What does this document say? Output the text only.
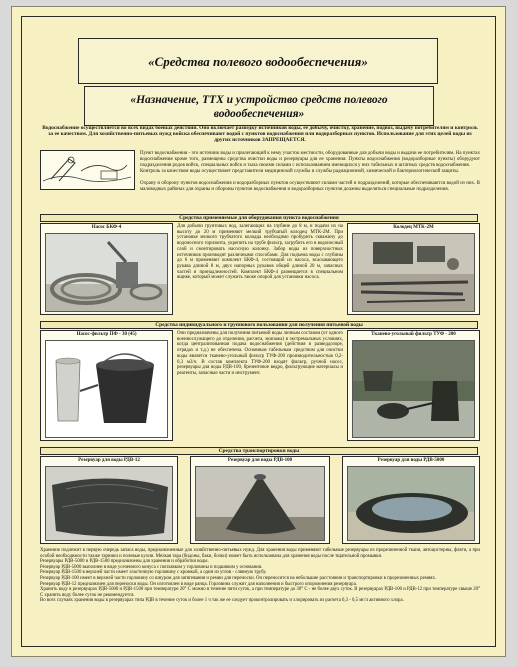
«Средства полевого водообеспечения»
«Назначение, ТТХ и устройство средств полевого водообеспечения»
Водоснабжение осуществляется во всех видах боевых действий. Оно включает разведку источников воды, ее добычу, очистку, хранение, подвоз, выдачу потребителям и контроль за ее качеством. Для хозяйственно-питьевых нужд войска обеспечивают водой с пунктов водоснабжения или водоразборных пунктов. Использование для этих целей воды из других источников ЗАПРЕЩАЕТСЯ.
Пункт водоснабжения - это источник воды и прилегающий к нему участок местности, оборудованные для добычи воды и выдачи ее потребителям. На пунктах водоснабжения кроме того, размещены средства очистки воды и резервуары для ее хранения. Пункты водоснабжения (водоразборные пункты) оборудуют подразделения родов войск, специальных войск и тыла своими силами с использованием имеющихся у них табельных и штатных средств водоснабжения.
Контроль за качеством воды осуществляет представители медицинской службы и службы радиационной, химической и бактериологической защиты.
Охрану и оборону пунктов водоснабжения и водоразборных пунктов осуществляют силами частей и подразделений, которые обеспечиваются водой из них. В маловодных районах для охраны и обороны пунктов водоснабжения и водоразборных пунктов должны выделяться специальные подразделения.
Средства применяемые для оборудования пункта водоснабжения
Насос БКФ-4	Для добычи грунтовых вод, залегающих на глубине до 8 м, и подачи их на высоту до 20 м применяют мелкий трубчатый колодец МТК-2М. При установке мелкого трубчатого колодца необходимо пробурить скважину до водоносного горизонта, укрепить на трубе фильтр, загрубить его в водоносный слой и смонтировать насосную колонку. Забор воды из поверхностных источников производят различными способами. Для подъема воды с глубины до 6 м применяют комплект БКФ-4, состоящий из насоса, всасывающего рукава длиной 8 м, двух напорных рукавов общей длиной 20 м, запасных частей и принадлежностей. Комплект БКФ-4 размещается в специальном ящике, который может служить также опорой для установки насоса.
Колодец МТК-2М
Средства индивидуального и группового пользования для получения питьевой воды
Насос-фильтр ПФ - 30 (45)	Они предназначены для получения питьевой воды личным составом (от одного военнослужащего до отделения, расчета, экипажа) в экстремальных условиях, когда централизованная подача водоснабжения (действия в разведдозоре, отрядах и т.д.) не обеспечена. Основным табельным средством для очистки воды является тканево-угольный фильтр ТУФ-200 производительностью 0,2-0,3 м3/ч. В состав комплекта ТУФ-200 входят фильтр, ручной насос, резервуары для воды РДВ-100, брезентовое ведро, фильтрующие материалы и реагенты, запасные части и инструмент.
Тканево-угольный фильтр ТУФ - 200
Средства транспортировки воды
Резервуар для воды РДВ-12	Резервуар для воды РДВ-100	Резервуар для воды РДВ-5000
Хранение подлежит в первую очередь запаса воды, предназначенные для хозяйственно-питьевых нужд. Для хранения воды применяют табельные резервуары из прорезиненной ткани, автоцистерны, фляги, а при особой необходимости также тарники и полевые кухни. Мелкая тара (бидоны, баки, бочки) может быть использована для хранения воды после тщательной промывки.
Резервуары РДВ-5000 и РДВ-1500 предназначены для хранения и обработки воды.
Резервуар РДВ-5000 выполнен в виде усеченного конуса с поплавком у горловины и подшивом у основания.
Резервуар РДВ-1500 в верхней части имеет эластичную горловину с кромкой, а один из углов - сливную трубу.
Резервуар РДВ-100 имеет в верхней части горловину со шнуром для затягивания и ремни для переноски. Он переносится на небольшие расстояния и транспортировки в прорезиненных ремнях.
Резервуар РДВ-12 предназначен для переноски воды. Он изготовлен в виде ранца. Горловина служит для наполнения и быстрого опорожнения резервуара.
Хранить воду в резервуарах РДВ-5000 и РДВ-1500 при температуре 20° С можно в течение пяти суток, а при температуре до 30° С - не более двух суток. В резервуарах РДВ-100 и РДВ-12 при температуре свыше 20° С хранить воду более суток не рекомендуется.
Во всех случаях хранения воды в резервуарах типа РДВ в течение суток и более 1 ч так же ее следует проконтролировать и хлорировать из расчета 0,3 - 0,5 мг/л активного хлора.
